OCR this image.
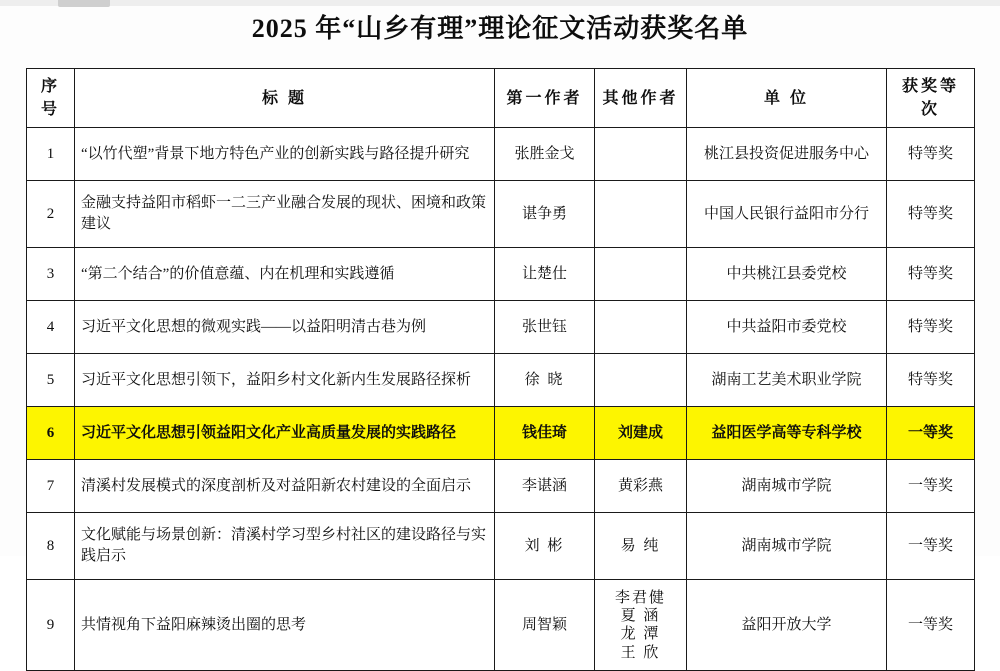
2025 年“山乡有理”理论征文活动获奖名单
序 号	标 题	第一作者	其他作者	单 位	获奖等次
1	“以竹代塑”背景下地方特色产业的创新实践与路径提升研究	张胜金戈		桃江县投资促进服务中心	特等奖
2	金融支持益阳市稻虾一二三产业融合发展的现状、困境和政策建议	谌争勇		中国人民银行益阳市分行	特等奖
3	“第二个结合”的价值意蕴、内在机理和实践遵循	让楚仕		中共桃江县委党校	特等奖
4	习近平文化思想的微观实践——以益阳明清古巷为例	张世钰		中共益阳市委党校	特等奖
5	习近平文化思想引领下，益阳乡村文化新内生发展路径探析	徐 晓		湖南工艺美术职业学院	特等奖
6	习近平文化思想引领益阳文化产业高质量发展的实践路径	钱佳琦	刘建成	益阳医学高等专科学校	一等奖
7	清溪村发展模式的深度剖析及对益阳新农村建设的全面启示	李谌涵	黄彩燕	湖南城市学院	一等奖
8	文化赋能与场景创新：清溪村学习型乡村社区的建设路径与实践启示	刘 彬	易 纯	湖南城市学院	一等奖
9	共情视角下益阳麻辣烫出圈的思考	周智颖	李君健
夏 涵
龙 潭
王 欣	益阳开放大学	一等奖
